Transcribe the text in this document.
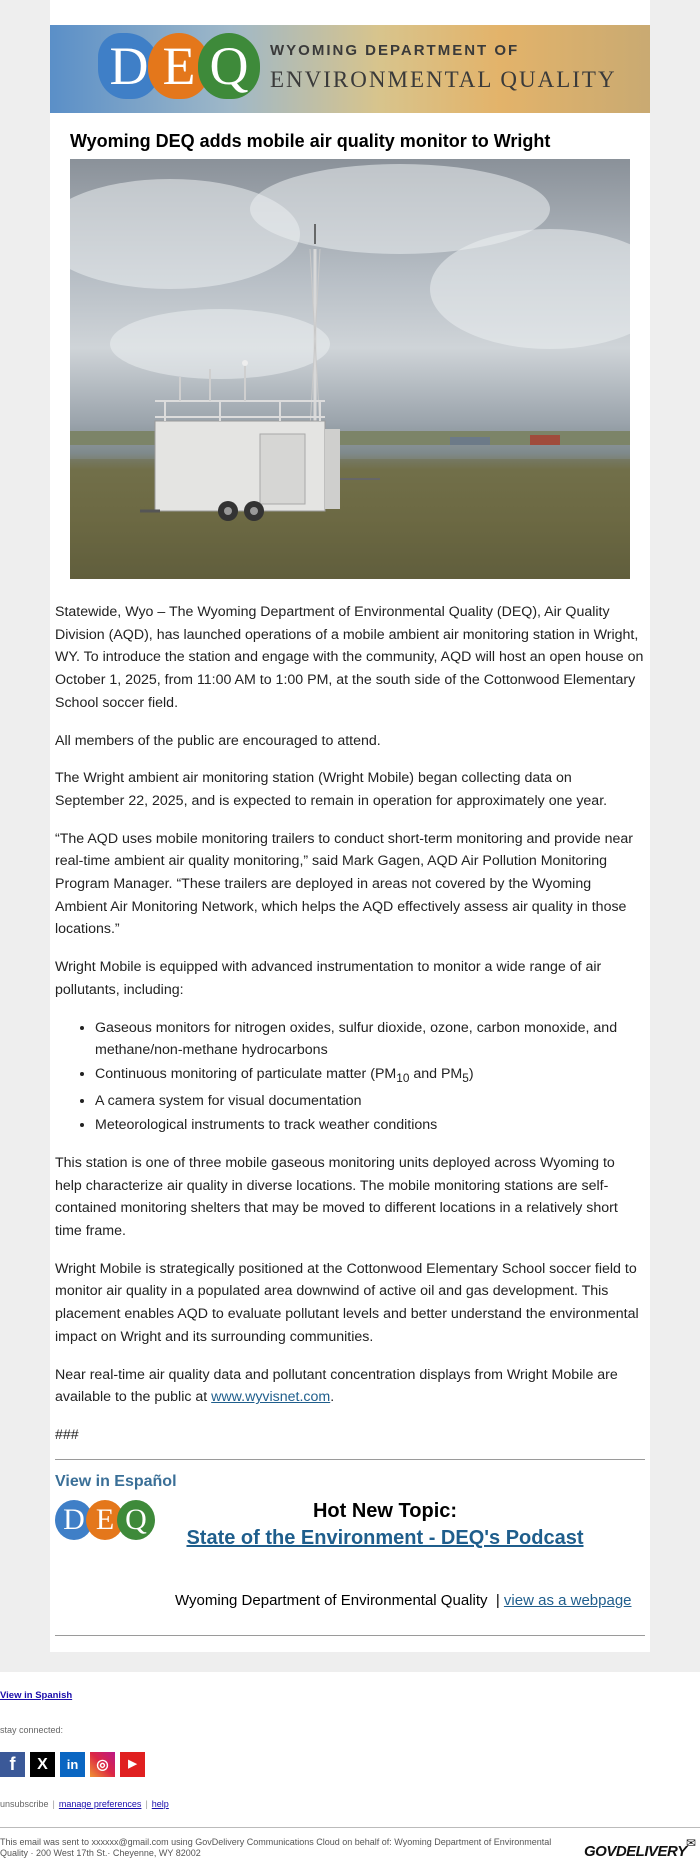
D E Q	WYOMING DEPARTMENT OF
ENVIRONMENTAL QUALITY
Wyoming DEQ adds mobile air quality monitor to Wright

Statewide, Wyo – The Wyoming Department of Environmental Quality (DEQ), Air Quality Division (AQD), has launched operations of a mobile ambient air monitoring station in Wright, WY. To introduce the station and engage with the community, AQD will host an open house on October 1, 2025, from 11:00 AM to 1:00 PM, at the south side of the Cottonwood Elementary School soccer field.

All members of the public are encouraged to attend.

The Wright ambient air monitoring station (Wright Mobile) began collecting data on September 22, 2025, and is expected to remain in operation for approximately one year.

“The AQD uses mobile monitoring trailers to conduct short-term monitoring and provide near real-time ambient air quality monitoring,” said Mark Gagen, AQD Air Pollution Monitoring Program Manager. “These trailers are deployed in areas not covered by the Wyoming Ambient Air Monitoring Network, which helps the AQD effectively assess air quality in those locations.”

Wright Mobile is equipped with advanced instrumentation to monitor a wide range of air pollutants, including:

• Gaseous monitors for nitrogen oxides, sulfur dioxide, ozone, carbon monoxide, and methane/non-methane hydrocarbons
• Continuous monitoring of particulate matter ($PM_{10}$ and $PM_5$)
• A camera system for visual documentation
• Meteorological instruments to track weather conditions

This station is one of three mobile gaseous monitoring units deployed across Wyoming to help characterize air quality in diverse locations. The mobile monitoring stations are self-contained monitoring shelters that may be moved to different locations in a relatively short time frame.

Wright Mobile is strategically positioned at the Cottonwood Elementary School soccer field to monitor air quality in a populated area downwind of active oil and gas development. This placement enables AQD to evaluate pollutant levels and better understand the environmental impact on Wright and its surrounding communities.

Near real-time air quality data and pollutant concentration displays from Wright Mobile are available to the public at www.wyvisnet.com.

###

View in Español
D E Q	Hot New Topic:
State of the Environment - DEQ's Podcast
Wyoming Department of Environmental Quality | view as a webpage
View in Spanish
stay connected:
f	X	in	◎	▶
unsubscribe | manage preferences | help
This email was sent to xxxxxx@gmail.com using GovDelivery Communications Cloud on behalf of: Wyoming Department of Environmental Quality · 200 West 17th St.· Cheyenne, WY 82002	GOVDELIVERY ✉
